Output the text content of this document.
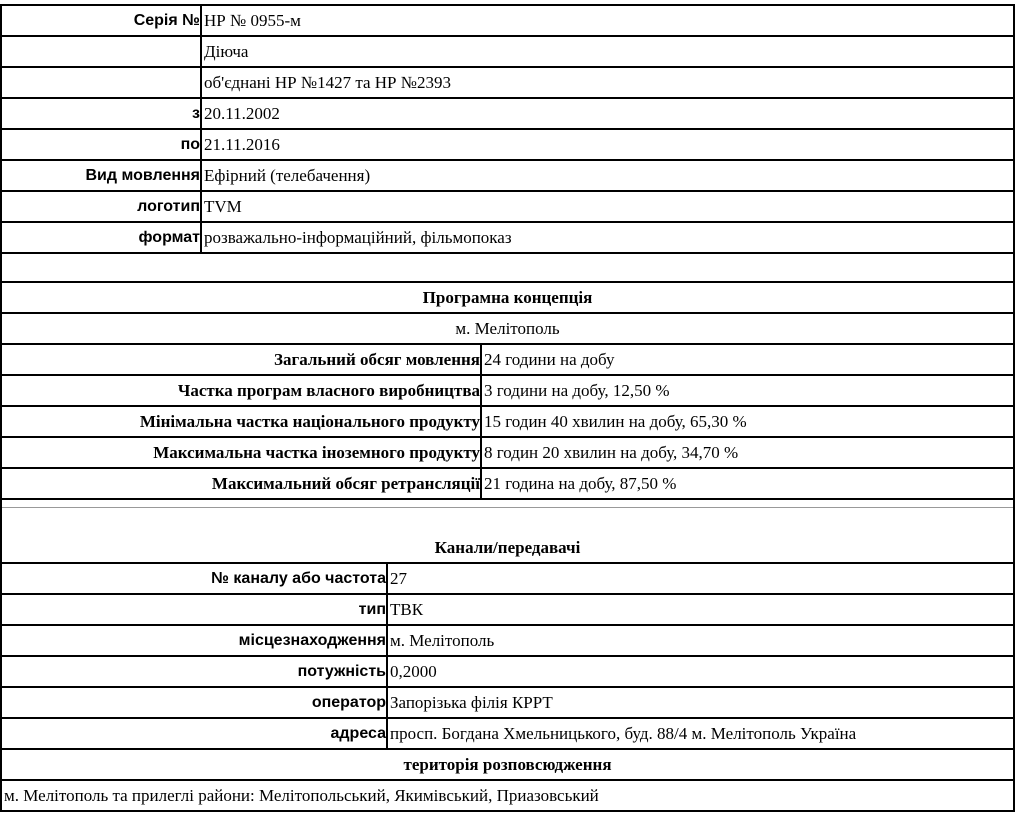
Серія № НР № 0955-м
Діюча
об'єднані НР №1427 та НР №2393
з 20.11.2002
по 21.11.2016
Вид мовлення Ефірний (телебачення)
логотип TVM
формат розважально-інформаційний, фільмопоказ
Програмна концепція
м. Мелітополь
Загальний обсяг мовлення 24 години на добу
Частка програм власного виробництва 3 години на добу, 12,50 %
Мінімальна частка національного продукту 15 годин 40 хвилин на добу, 65,30 %
Максимальна частка іноземного продукту 8 годин 20 хвилин на добу, 34,70 %
Максимальний обсяг ретрансляції 21 година на добу, 87,50 %
Канали/передавачі
№ каналу або частота 27
тип ТВК
місцезнаходження м. Мелітополь
потужність 0,2000
оператор Запорізька філія КРРТ
адреса просп. Богдана Хмельницького, буд. 88/4 м. Мелітополь Україна
територія розповсюдження
м. Мелітополь та прилеглі райони: Мелітопольський, Якимівський, Приазовський
